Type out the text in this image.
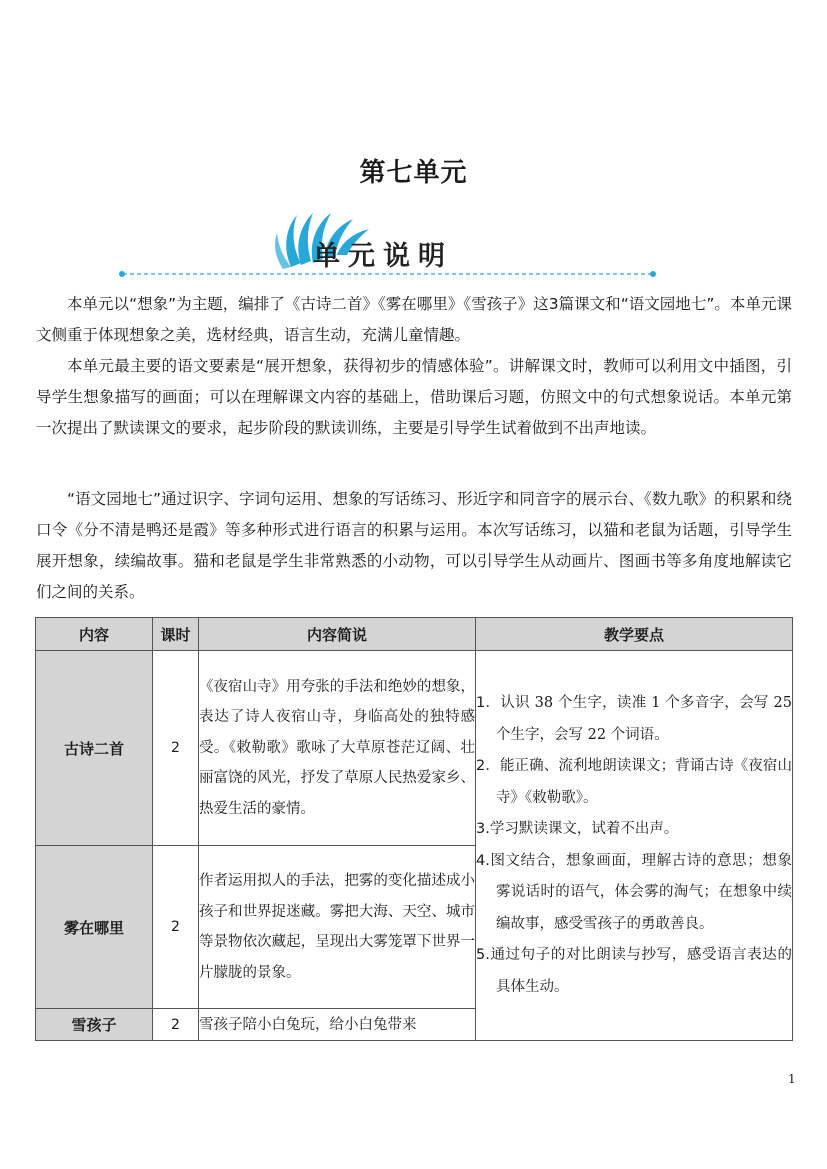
第七单元
单元说明

本单元以“想象”为主题，编排了《古诗二首》《雾在哪里》《雪孩子》这3篇课文和“语文园地七”。本单元课文侧重于体现想象之美，选材经典，语言生动，充满儿童情趣。

本单元最主要的语文要素是“展开想象，获得初步的情感体验”。讲解课文时，教师可以利用文中插图，引导学生想象描写的画面；可以在理解课文内容的基础上，借助课后习题，仿照文中的句式想象说话。本单元第一次提出了默读课文的要求，起步阶段的默读训练，主要是引导学生试着做到不出声地读。

“语文园地七”通过识字、字词句运用、想象的写话练习、形近字和同音字的展示台、《数九歌》的积累和绕口令《分不清是鸭还是霞》等多种形式进行语言的积累与运用。本次写话练习，以猫和老鼠为话题，引导学生展开想象，续编故事。猫和老鼠是学生非常熟悉的小动物，可以引导学生从动画片、图画书等多角度地解读它们之间的关系。

内容	课时	内容简说	教学要点
古诗二首	2	《夜宿山寺》用夸张的手法和绝妙的想象，表达了诗人夜宿山寺，身临高处的独特感受。《敕勒歌》歌咏了大草原苍茫辽阔、壮丽富饶的风光，抒发了草原人民热爱家乡、热爱生活的豪情。	1．认识 38 个生字，读准 1 个多音字，会写 25 个生字，会写 22 个词语。
2．能正确、流利地朗读课文；背诵古诗《夜宿山寺》《敕勒歌》。
3.学习默读课文，试着不出声。
4.图文结合，想象画面，理解古诗的意思；想象雾说话时的语气，体会雾的淘气；在想象中续编故事，感受雪孩子的勇敢善良。
5.通过句子的对比朗读与抄写，感受语言表达的具体生动。

雾在哪里	2	作者运用拟人的手法，把雾的变化描述成小孩子和世界捉迷藏。雾把大海、天空、城市等景物依次藏起，呈现出大雾笼罩下世界一片朦胧的景象。	
雪孩子	2	雪孩子陪小白兔玩，给小白兔带来	
1
